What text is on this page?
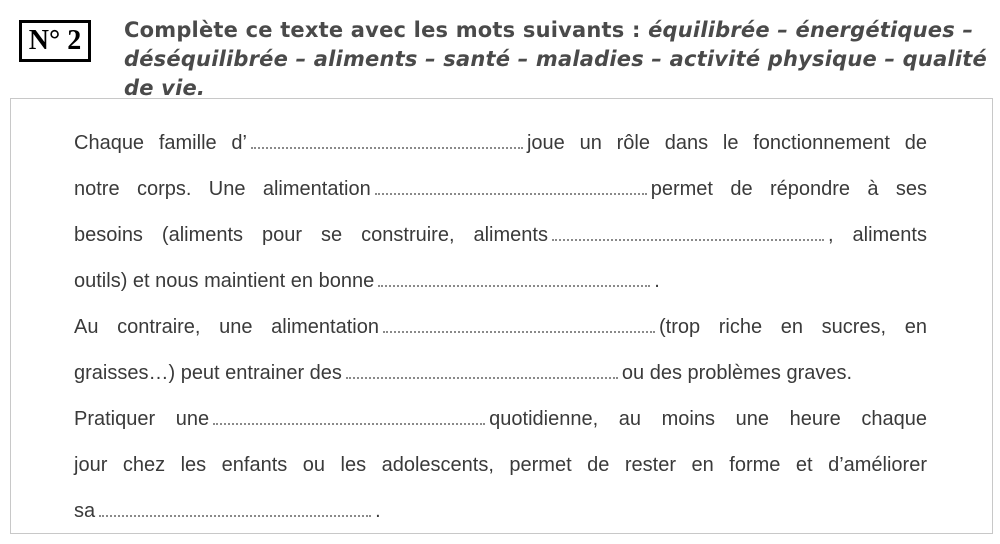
N° 2	Complète ce texte avec les mots suivants : équilibrée – énergétiques –
déséquilibrée – aliments – santé – maladies – activité physique – qualité de vie.
Chaque famille d’	joue un rôle dans le fonctionnement de
notre corps. Une alimentation	permet de répondre à ses
besoins (aliments pour se construire, aliments	, aliments
outils) et nous maintient en bonne	.
Au contraire, une alimentation	(trop riche en sucres, en
graisses…) peut entrainer des	ou des problèmes graves.
Pratiquer une	quotidienne, au moins une heure chaque
jour chez les enfants ou les adolescents, permet de rester en forme et d’améliorer
sa	.
